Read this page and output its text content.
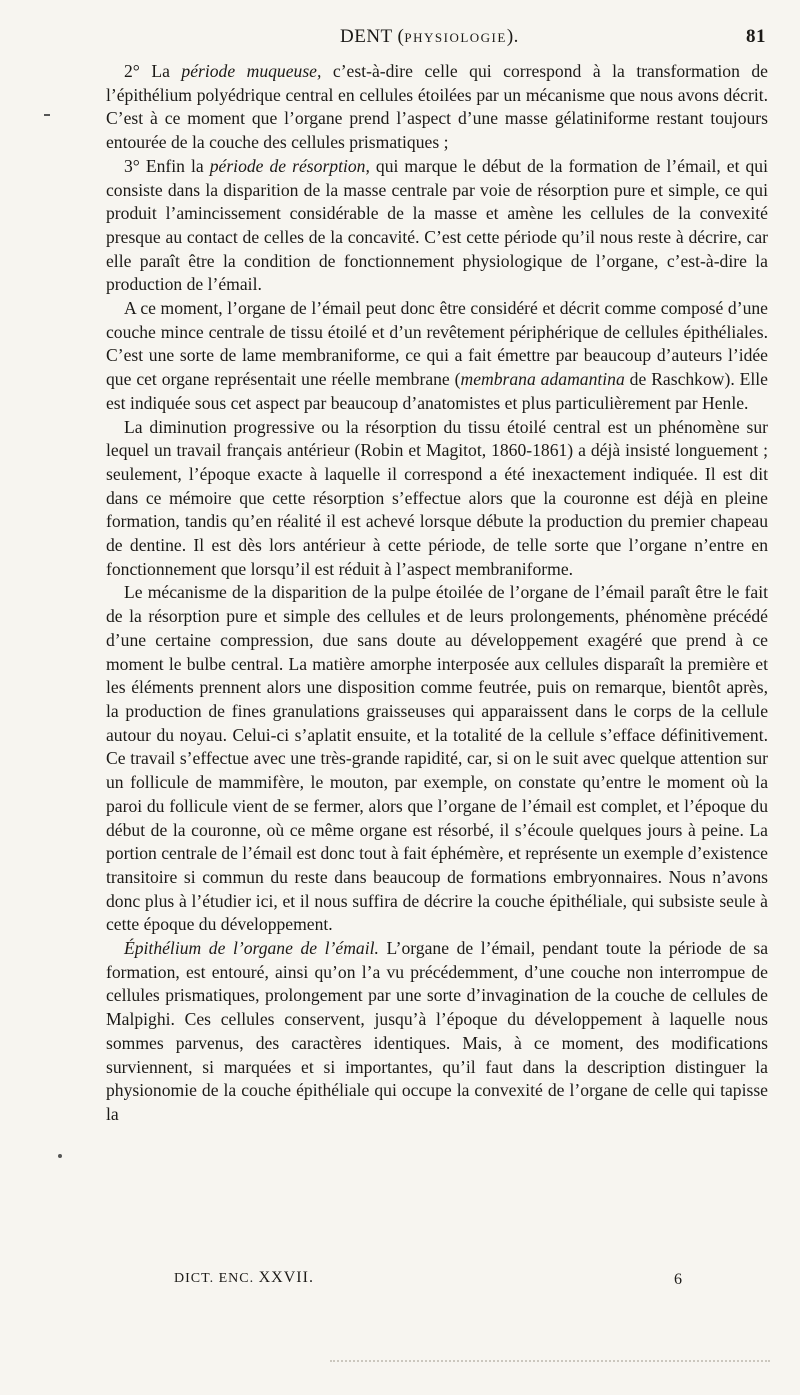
DENT (PHYSIOLOGIE).	81

2° La période muqueuse, c’est-à-dire celle qui correspond à la transformation de l’épithélium polyédrique central en cellules étoilées par un mécanisme que nous avons décrit. C’est à ce moment que l’organe prend l’aspect d’une masse gélatiniforme restant toujours entourée de la couche des cellules prismatiques ;

3° Enfin la période de résorption, qui marque le début de la formation de l’émail, et qui consiste dans la disparition de la masse centrale par voie de résorption pure et simple, ce qui produit l’amincissement considérable de la masse et amène les cellules de la convexité presque au contact de celles de la concavité. C’est cette période qu’il nous reste à décrire, car elle paraît être la condition de fonctionnement physiologique de l’organe, c’est-à-dire la production de l’émail.

A ce moment, l’organe de l’émail peut donc être considéré et décrit comme composé d’une couche mince centrale de tissu étoilé et d’un revêtement périphérique de cellules épithéliales. C’est une sorte de lame membraniforme, ce qui a fait émettre par beaucoup d’auteurs l’idée que cet organe représentait une réelle membrane (membrana adamantina de Raschkow). Elle est indiquée sous cet aspect par beaucoup d’anatomistes et plus particulièrement par Henle.

La diminution progressive ou la résorption du tissu étoilé central est un phénomène sur lequel un travail français antérieur (Robin et Magitot, 1860-1861) a déjà insisté longuement ; seulement, l’époque exacte à laquelle il correspond a été inexactement indiquée. Il est dit dans ce mémoire que cette résorption s’effectue alors que la couronne est déjà en pleine formation, tandis qu’en réalité il est achevé lorsque débute la production du premier chapeau de dentine. Il est dès lors antérieur à cette période, de telle sorte que l’organe n’entre en fonctionnement que lorsqu’il est réduit à l’aspect membraniforme.

Le mécanisme de la disparition de la pulpe étoilée de l’organe de l’émail paraît être le fait de la résorption pure et simple des cellules et de leurs prolongements, phénomène précédé d’une certaine compression, due sans doute au développement exagéré que prend à ce moment le bulbe central. La matière amorphe interposée aux cellules disparaît la première et les éléments prennent alors une disposition comme feutrée, puis on remarque, bientôt après, la production de fines granulations graisseuses qui apparaissent dans le corps de la cellule autour du noyau. Celui-ci s’aplatit ensuite, et la totalité de la cellule s’efface définitivement. Ce travail s’effectue avec une très-grande rapidité, car, si on le suit avec quelque attention sur un follicule de mammifère, le mouton, par exemple, on constate qu’entre le moment où la paroi du follicule vient de se fermer, alors que l’organe de l’émail est complet, et l’époque du début de la couronne, où ce même organe est résorbé, il s’écoule quelques jours à peine. La portion centrale de l’émail est donc tout à fait éphémère, et représente un exemple d’existence transitoire si commun du reste dans beaucoup de formations embryonnaires. Nous n’avons donc plus à l’étudier ici, et il nous suffira de décrire la couche épithéliale, qui subsiste seule à cette époque du développement.

Épithélium de l’organe de l’émail. L’organe de l’émail, pendant toute la période de sa formation, est entouré, ainsi qu’on l’a vu précédemment, d’une couche non interrompue de cellules prismatiques, prolongement par une sorte d’invagination de la couche de cellules de Malpighi. Ces cellules conservent, jusqu’à l’époque du développement à laquelle nous sommes parvenus, des caractères identiques. Mais, à ce moment, des modifications surviennent, si marquées et si importantes, qu’il faut dans la description distinguer la physionomie de la couche épithéliale qui occupe la convexité de l’organe de celle qui tapisse la

DICT. ENC. XXVII.	6
